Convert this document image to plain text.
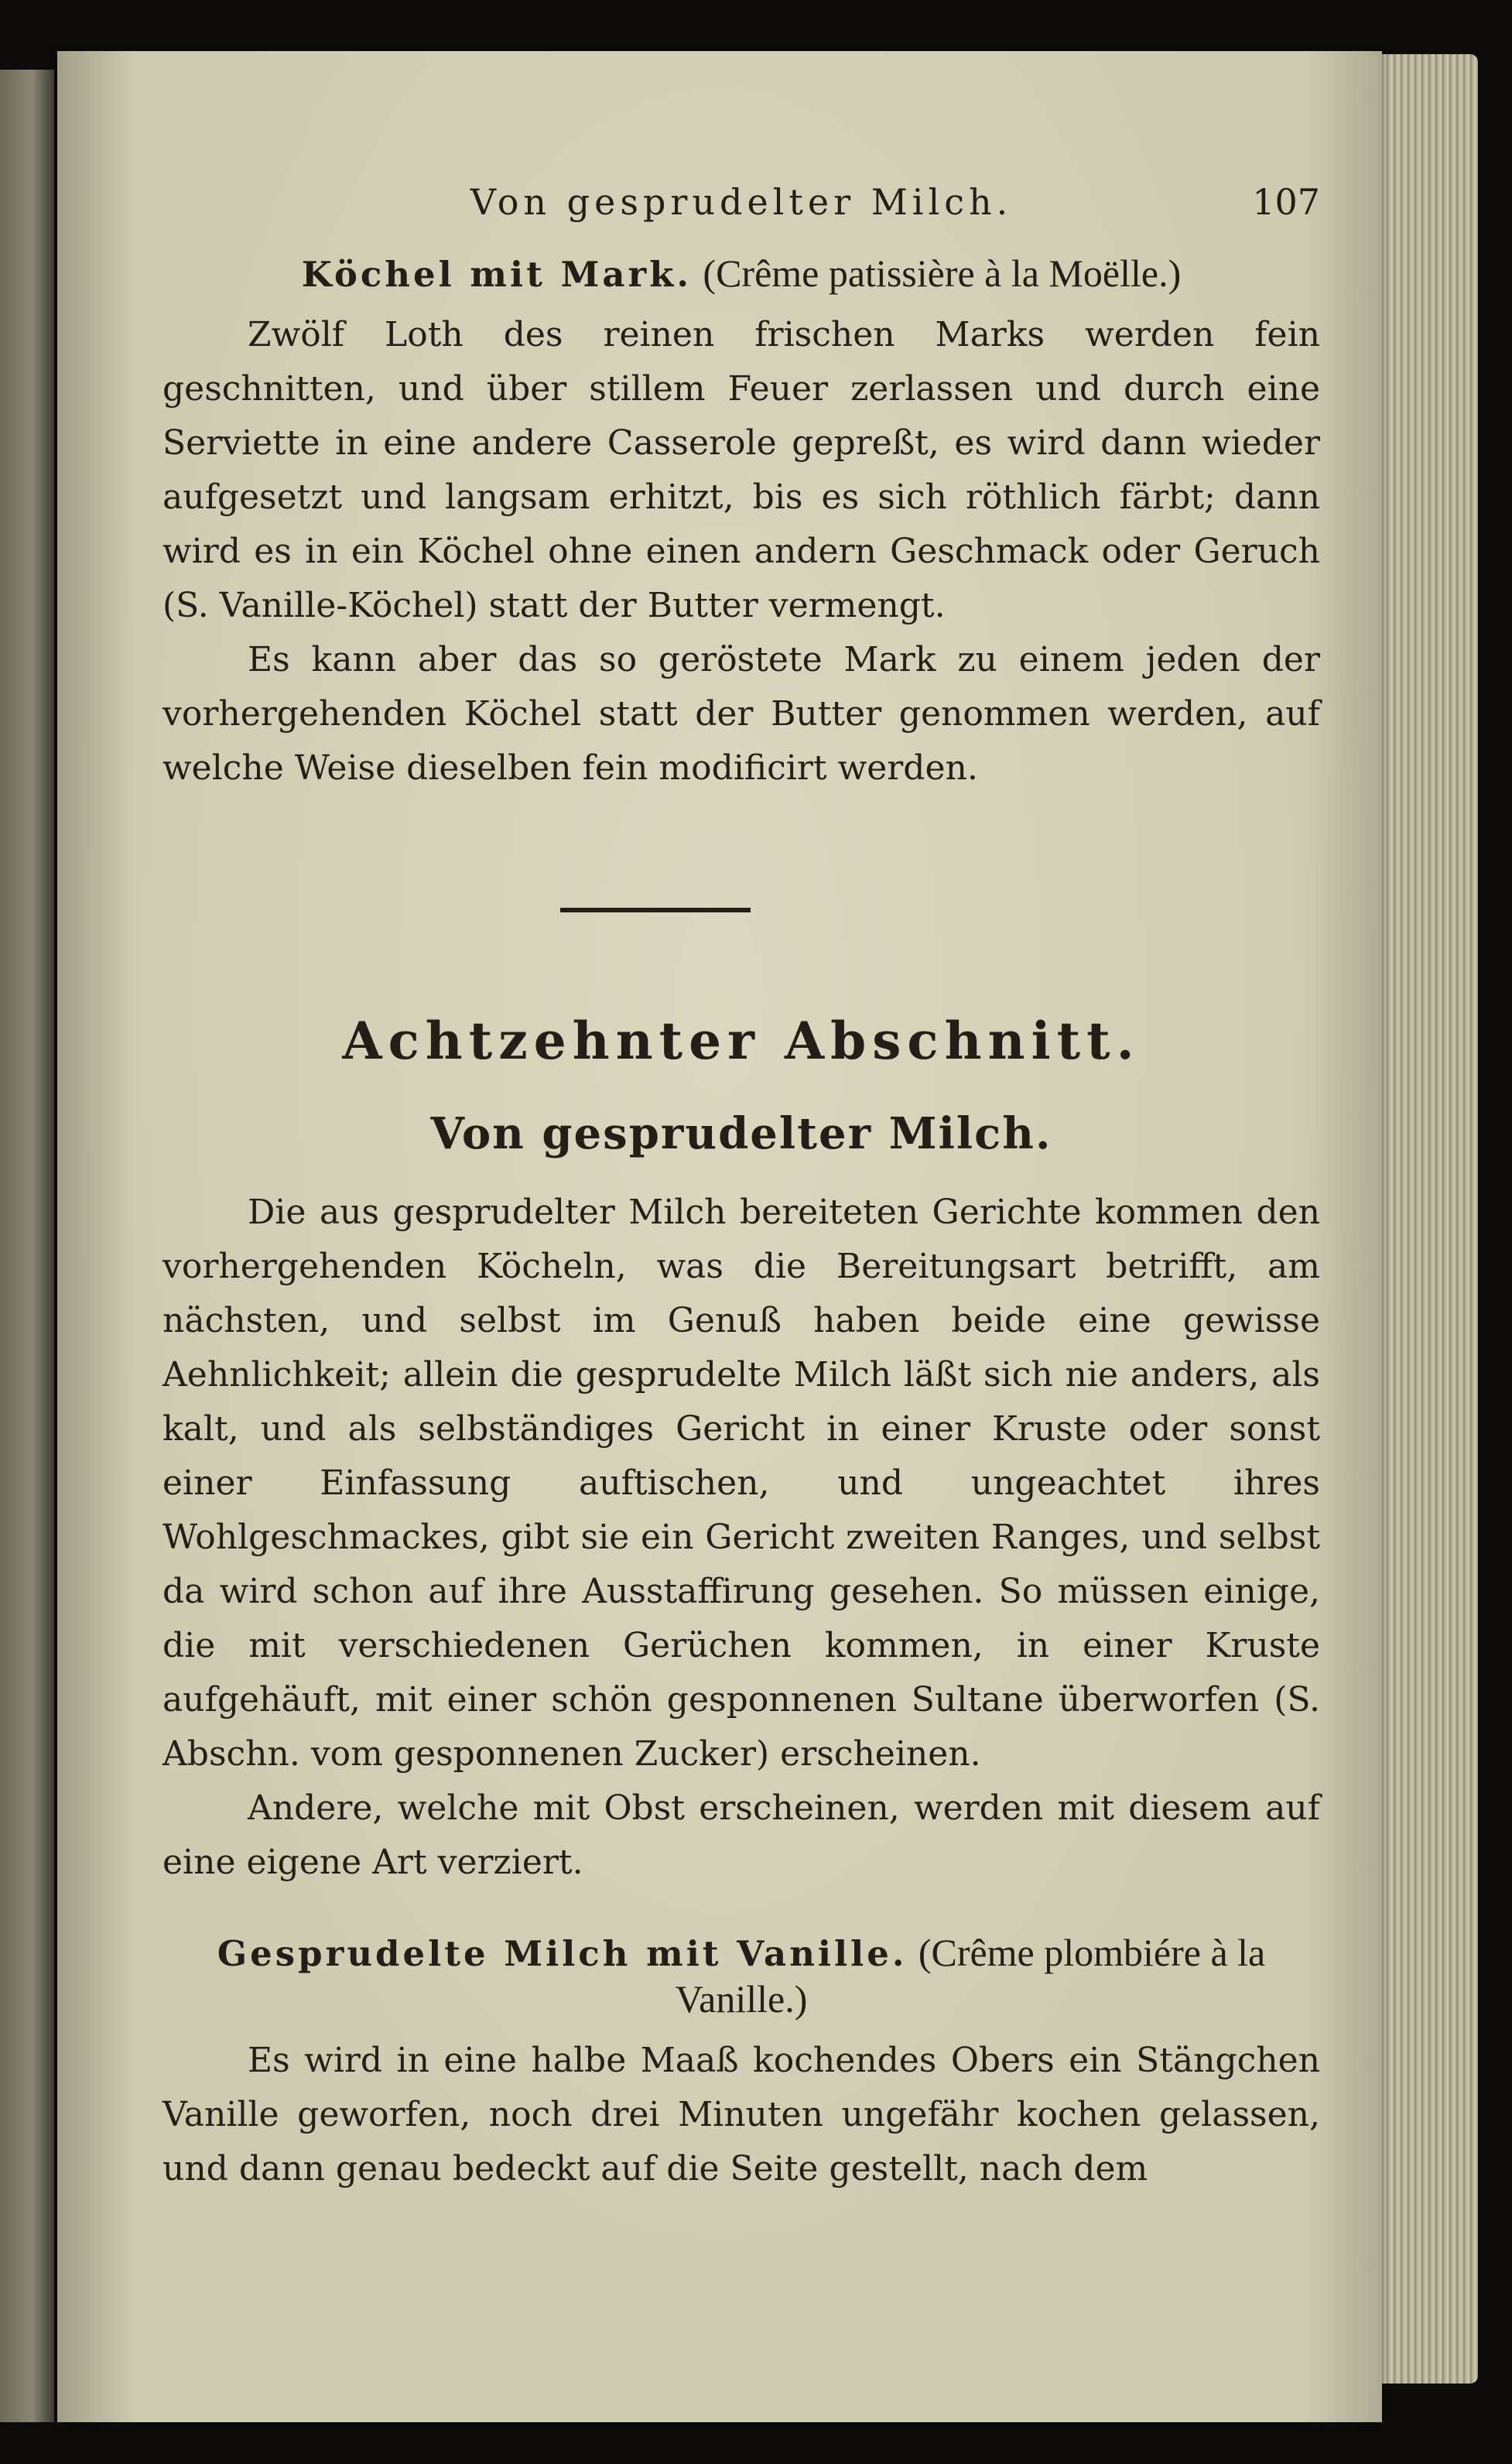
Von gesprudelter Milch.	107
Köchel mit Mark. (Crême patissière à la Moëlle.)

Zwölf Loth des reinen frischen Marks werden fein geschnitten, und über stillem Feuer zerlassen und durch eine Serviette in eine andere Casserole gepreßt, es wird dann wieder aufgesetzt und langsam erhitzt, bis es sich röthlich färbt; dann wird es in ein Köchel ohne einen andern Geschmack oder Geruch (S. Vanille-Köchel) statt der Butter vermengt.

Es kann aber das so geröstete Mark zu einem jeden der vorhergehenden Köchel statt der Butter genommen werden, auf welche Weise dieselben fein modificirt werden.

Achtzehnter Abschnitt.
Von gesprudelter Milch.

Die aus gesprudelter Milch bereiteten Gerichte kommen den vorhergehenden Köcheln, was die Bereitungsart betrifft, am nächsten, und selbst im Genuß haben beide eine gewisse Aehnlichkeit; allein die gesprudelte Milch läßt sich nie anders, als kalt, und als selbständiges Gericht in einer Kruste oder sonst einer Einfassung auftischen, und ungeachtet ihres Wohlgeschmackes, gibt sie ein Gericht zweiten Ranges, und selbst da wird schon auf ihre Ausstaffirung gesehen. So müssen einige, die mit verschiedenen Gerüchen kommen, in einer Kruste aufgehäuft, mit einer schön gesponnenen Sultane überworfen (S. Abschn. vom gesponnenen Zucker) erscheinen.

Andere, welche mit Obst erscheinen, werden mit diesem auf eine eigene Art verziert.

Gesprudelte Milch mit Vanille. (Crême plombiére à la Vanille.)

Es wird in eine halbe Maaß kochendes Obers ein Stängchen Vanille geworfen, noch drei Minuten ungefähr kochen gelassen, und dann genau bedeckt auf die Seite gestellt, nach dem
